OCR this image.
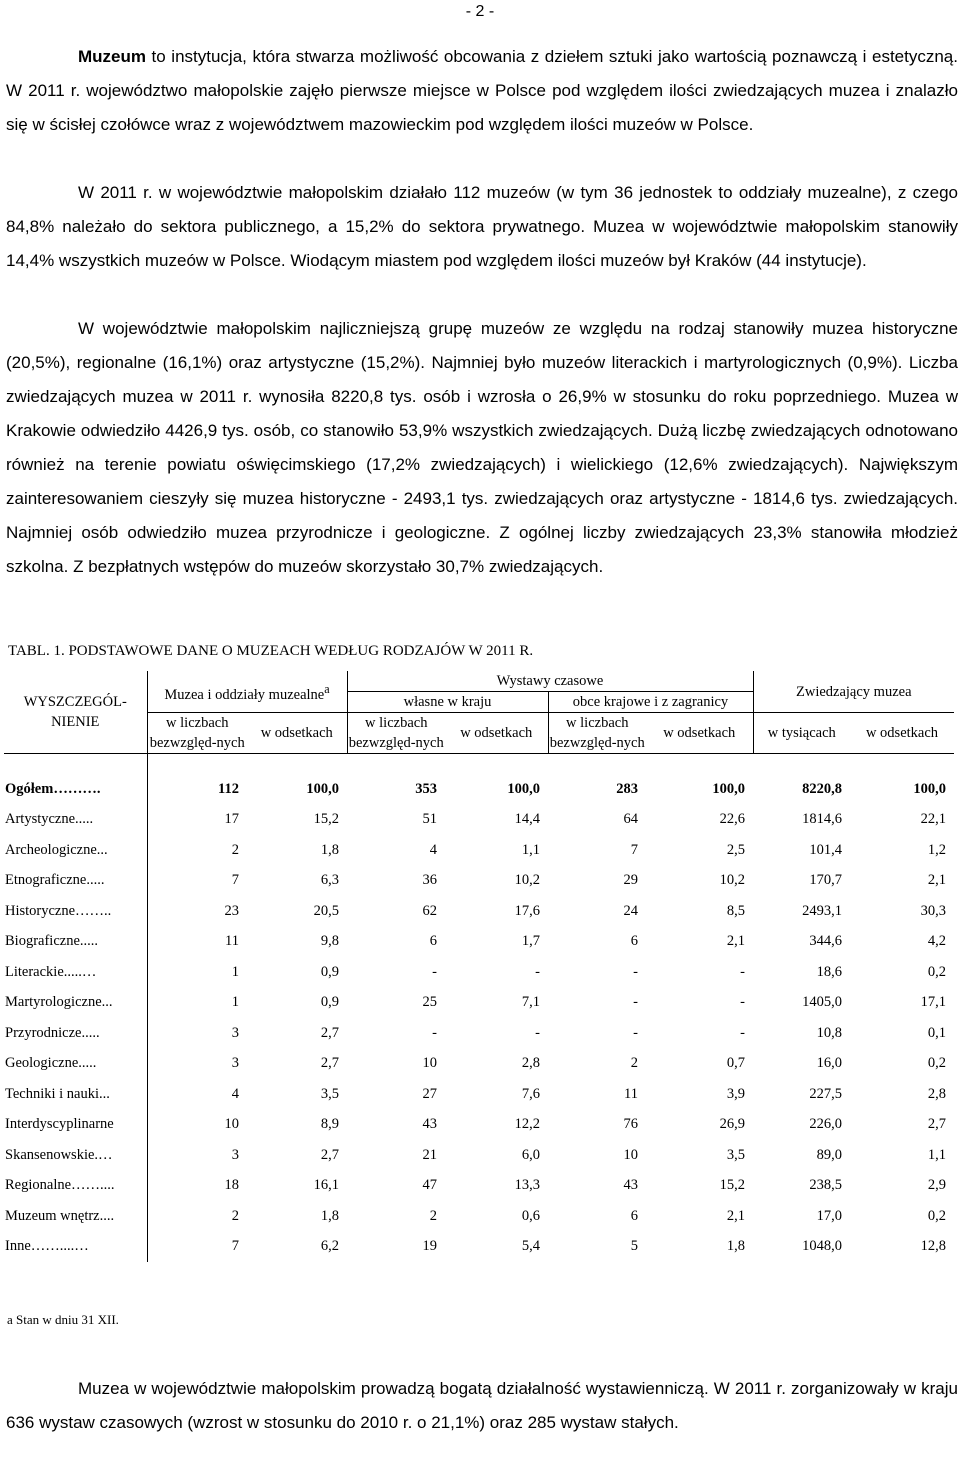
- 2 -

Muzeum to instytucja, która stwarza możliwość obcowania z dziełem sztuki jako wartością poznawczą i estetyczną. W 2011 r. województwo małopolskie zajęło pierwsze miejsce w Polsce pod względem ilości zwiedzających muzea i znalazło się w ścisłej czołówce wraz z województwem mazowieckim pod względem ilości muzeów w Polsce.

W 2011 r. w województwie małopolskim działało 112 muzeów (w tym 36 jednostek to oddziały muzealne), z czego 84,8% należało do sektora publicznego, a 15,2% do sektora prywatnego. Muzea w województwie małopolskim stanowiły 14,4% wszystkich muzeów w Polsce. Wiodącym miastem pod względem ilości muzeów był Kraków (44 instytucje).

W województwie małopolskim najliczniejszą grupę muzeów ze względu na rodzaj stanowiły muzea historyczne (20,5%), regionalne (16,1%) oraz artystyczne (15,2%). Najmniej było muzeów literackich i martyrologicznych (0,9%). Liczba zwiedzających muzea w 2011 r. wynosiła 8220,8 tys. osób i wzrosła o 26,9% w stosunku do roku poprzedniego. Muzea w Krakowie odwiedziło 4426,9 tys. osób, co stanowiło 53,9% wszystkich zwiedzających. Dużą liczbę zwiedzających odnotowano również na terenie powiatu oświęcimskiego (17,2% zwiedzających) i wielickiego (12,6% zwiedzających). Największym zainteresowaniem cieszyły się muzea historyczne - 2493,1 tys. zwiedzających oraz artystyczne - 1814,6 tys. zwiedzających. Najmniej osób odwiedziło muzea przyrodnicze i geologiczne. Z ogólnej liczby zwiedzających 23,3% stanowiła młodzież szkolna. Z bezpłatnych wstępów do muzeów skorzystało 30,7% zwiedzających.

TABL. 1. PODSTAWOWE DANE O MUZEACH WEDŁUG RODZAJÓW W 2011 R.

WYSZCZEGÓL-NIENIE	Muzea i oddziały muzealne$^a$		Wystawy czasowe				Zwiedzający muzea	
			własne w kraju		obce krajowe i z zagranicy			
	w liczbach bezwzględ-nych	w odsetkach	w liczbach bezwzględ-nych	w odsetkach	w liczbach bezwzględ-nych	w odsetkach	w tysiącach	w odsetkach
Ogółem……….	112	100,0	353	100,0	283	100,0	8220,8	100,0
Artystyczne.....	17	15,2	51	14,4	64	22,6	1814,6	22,1
Archeologiczne...	2	1,8	4	1,1	7	2,5	101,4	1,2
Etnograficzne.....	7	6,3	36	10,2	29	10,2	170,7	2,1
Historyczne……..	23	20,5	62	17,6	24	8,5	2493,1	30,3
Biograficzne.....	11	9,8	6	1,7	6	2,1	344,6	4,2
Literackie.....…	1	0,9	-	-	-	-	18,6	0,2
Martyrologiczne...	1	0,9	25	7,1	-	-	1405,0	17,1
Przyrodnicze.....	3	2,7	-	-	-	-	10,8	0,1
Geologiczne.....	3	2,7	10	2,8	2	0,7	16,0	0,2
Techniki i nauki...	4	3,5	27	7,6	11	3,9	227,5	2,8
Interdyscyplinarne	10	8,9	43	12,2	76	26,9	226,0	2,7
Skansenowskie.…	3	2,7	21	6,0	10	3,5	89,0	1,1
Regionalne……....	18	16,1	47	13,3	43	15,2	238,5	2,9
Muzeum wnętrz....	2	1,8	2	0,6	6	2,1	17,0	0,2
Inne……....…	7	6,2	19	5,4	5	1,8	1048,0	12,8

a Stan w dniu 31 XII.

Muzea w województwie małopolskim prowadzą bogatą działalność wystawienniczą. W 2011 r. zorganizowały w kraju 636 wystaw czasowych (wzrost w stosunku do 2010 r. o 21,1%) oraz 285 wystaw stałych.
